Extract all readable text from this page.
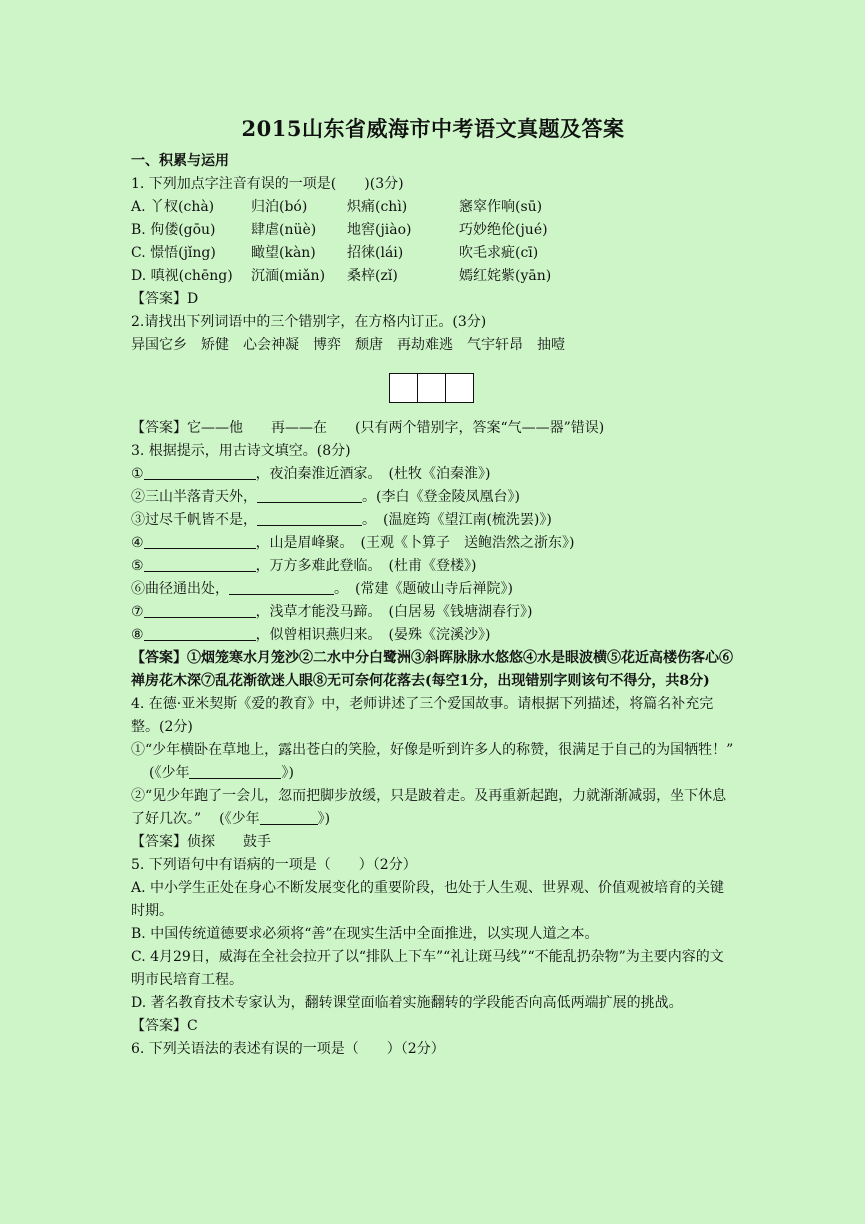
2015山东省威海市中考语文真题及答案

一、积累与运用

1. 下列加点字注音有误的一项是(　　)(3分)

A. 丫杈(chà)	归泊(bó)	炽痛(chì)	窸窣作响(sū)
B. 佝偻(gōu)	肆虐(nüè)	地窖(jiào)	巧妙绝伦(jué)
C. 憬悟(jǐng)	瞰望(kàn)	招徕(lái)	吹毛求疵(cī)
D. 嗔视(chēng)	沉湎(miǎn)	桑梓(zǐ)	嫣红姹紫(yān)

【答案】D

2.请找出下列词语中的三个错别字，在方格内订正。(3分)

异国它乡　矫健　心会神凝　博弈　颓唐　再劫难逃　气宇轩昂　抽噎

【答案】它——他　　再——在　　(只有两个错别字，答案“气——器”错误)

3. 根据提示，用古诗文填空。(8分)

①	，夜泊秦淮近酒家。　(杜牧《泊秦淮》)

②三山半落青天外，	。(李白《登金陵凤凰台》)

③过尽千帆皆不是，	。　(温庭筠《望江南(梳洗罢)》)

④	，山是眉峰聚。　(王观《卜算子　送鲍浩然之浙东》)

⑤	，万方多难此登临。　(杜甫《登楼》)

⑥曲径通出处，	。　(常建《题破山寺后禅院》)

⑦	，浅草才能没马蹄。　(白居易《钱塘湖春行》)

⑧	，似曾相识燕归来。　(晏殊《浣溪沙》)

【答案】①烟笼寒水月笼沙②二水中分白鹭洲③斜晖脉脉水悠悠④水是眼波横⑤花近高楼伤客心⑥禅房花木深⑦乱花渐欲迷人眼⑧无可奈何花落去(每空1分，出现错别字则该句不得分，共8分)

4. 在德·亚米契斯《爱的教育》中，老师讲述了三个爱国故事。请根据下列描述，将篇名补充完整。(2分)

①“少年横卧在草地上，露出苍白的笑脸，好像是听到许多人的称赞，很满足于自己的为国牺牲！”(《少年	》)

②“见少年跑了一会儿，忽而把脚步放缓，只是跛着走。及再重新起跑，力就渐渐减弱，坐下休息了好几次。” (《少年	》)

【答案】侦探　　鼓手

5. 下列语句中有语病的一项是（　　）（2分）

A. 中小学生正处在身心不断发展变化的重要阶段，也处于人生观、世界观、价值观被培育的关键时期。

B. 中国传统道德要求必须将“善”在现实生活中全面推进，以实现人道之本。

C. 4月29日，威海在全社会拉开了以“排队上下车”“礼让斑马线”“不能乱扔杂物”为主要内容的文明市民培育工程。

D. 著名教育技术专家认为，翻转课堂面临着实施翻转的学段能否向高低两端扩展的挑战。

【答案】C

6. 下列关语法的表述有误的一项是（　　）（2分）
